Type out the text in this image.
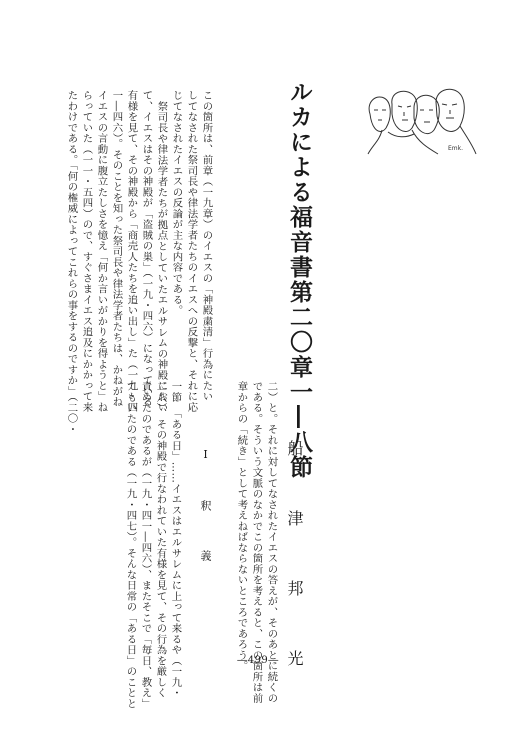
Emk.
ルカによる福音書第二〇章一―八節
船　津　邦　光
この箇所は、前章（一九章）のイエスの「神殿粛清」行為にたい
してなされた祭司長や律法学者たちのイエスへの反撃と、それに応
じてなされたイエスの反論が主な内容である。
祭司長や律法学者たちが拠点としていたエルサレムの神殿におい
て、イエスはその神殿が「盗賊の巣」（一九・四六）になっている
有様を見て、その神殿から「商売人たちを追い出し」た（一九・四
一―四六）。そのことを知った祭司長や律法学者たちは、かねがね
イエスの言動に腹立たしさを憶え「何か言いがかりを得ようと」ね
らっていた（一一・五四）ので、すぐさまイエス追及にかかって来
たわけである。「何の権威によってこれらの事をするのですか」（二〇・
二）と。それに対してなされたイエスの答えが、そのあとに続くの
である。そういう文脈のなかでこの箇所を考えると、この箇所は前
章からの「続き」として考えねばならないところであろう。
Ⅰ　釈　義
一節　「ある日」……イエスはエルサレムに上って来るや（一九・
二八）、その神殿で行なわれていた有様を見て、その行為を厳しく
責めたのであるが（一九・四一―四六）、またそこで「毎日、教え」
てもいたのである（一九・四七）。そんな日常の「ある日」のことと	―499―
